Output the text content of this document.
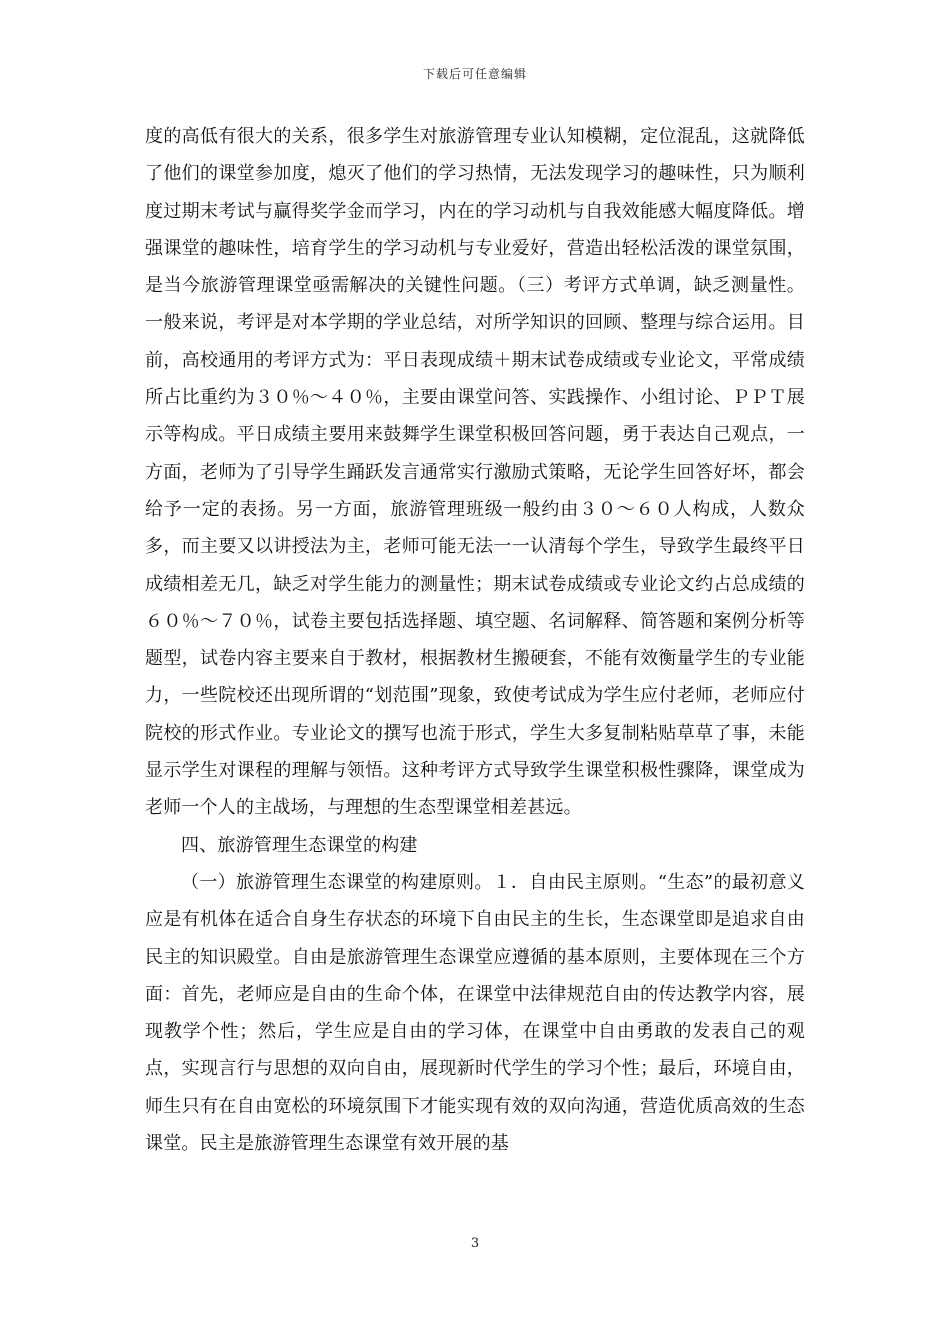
下载后可任意编辑

度的高低有很大的关系，很多学生对旅游管理专业认知模糊，定位混乱，这就降低了他们的课堂参加度，熄灭了他们的学习热情，无法发现学习的趣味性，只为顺利度过期末考试与赢得奖学金而学习，内在的学习动机与自我效能感大幅度降低。增强课堂的趣味性，培育学生的学习动机与专业爱好，营造出轻松活泼的课堂氛围，是当今旅游管理课堂亟需解决的关键性问题。（三）考评方式单调，缺乏测量性。一般来说，考评是对本学期的学业总结，对所学知识的回顾、整理与综合运用。目前，高校通用的考评方式为：平日表现成绩＋期末试卷成绩或专业论文，平常成绩所占比重约为３０％～４０％，主要由课堂问答、实践操作、小组讨论、ＰＰＴ展示等构成。平日成绩主要用来鼓舞学生课堂积极回答问题，勇于表达自己观点，一方面，老师为了引导学生踊跃发言通常实行激励式策略，无论学生回答好坏，都会给予一定的表扬。另一方面，旅游管理班级一般约由３０～６０人构成，人数众多，而主要又以讲授法为主，老师可能无法一一认清每个学生，导致学生最终平日成绩相差无几，缺乏对学生能力的测量性；期末试卷成绩或专业论文约占总成绩的６０％～７０％，试卷主要包括选择题、填空题、名词解释、简答题和案例分析等题型，试卷内容主要来自于教材，根据教材生搬硬套，不能有效衡量学生的专业能力，一些院校还出现所谓的“划范围”现象，致使考试成为学生应付老师，老师应付院校的形式作业。专业论文的撰写也流于形式，学生大多复制粘贴草草了事，未能显示学生对课程的理解与领悟。这种考评方式导致学生课堂积极性骤降，课堂成为老师一个人的主战场，与理想的生态型课堂相差甚远。

四、旅游管理生态课堂的构建

（一）旅游管理生态课堂的构建原则。１．自由民主原则。“生态”的最初意义应是有机体在适合自身生存状态的环境下自由民主的生长，生态课堂即是追求自由民主的知识殿堂。自由是旅游管理生态课堂应遵循的基本原则，主要体现在三个方面：首先，老师应是自由的生命个体，在课堂中法律规范自由的传达教学内容，展现教学个性；然后，学生应是自由的学习体，在课堂中自由勇敢的发表自己的观点，实现言行与思想的双向自由，展现新时代学生的学习个性；最后，环境自由，师生只有在自由宽松的环境氛围下才能实现有效的双向沟通，营造优质高效的生态课堂。民主是旅游管理生态课堂有效开展的基

3
